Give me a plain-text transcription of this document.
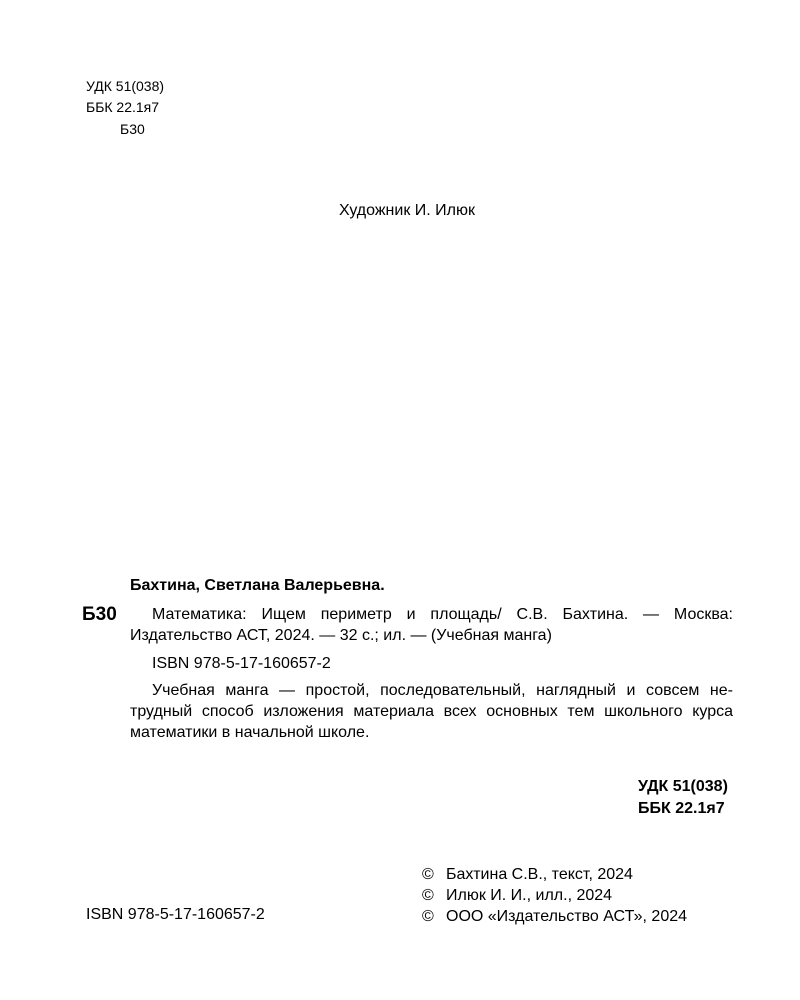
УДК 51(038)
ББК 22.1я7
Б30
Художник И. Илюк
Бахтина, Светлана Валерьевна.
Б30	Математика: Ищем периметр и площадь/ С.В. Бахтина. — Москва:
Издательство АСТ, 2024. — 32 с.; ил. — (Учебная манга)
ISBN 978-5-17-160657-2
Учебная манга — простой, последовательный, наглядный и совсем не-
трудный способ изложения материала всех основных тем школьного курса
математики в начальной школе.
УДК 51(038)
ББК 22.1я7
ISBN 978-5-17-160657-2
© Бахтина С.В., текст, 2024
© Илюк И. И., илл., 2024
© ООО «Издательство АСТ», 2024
